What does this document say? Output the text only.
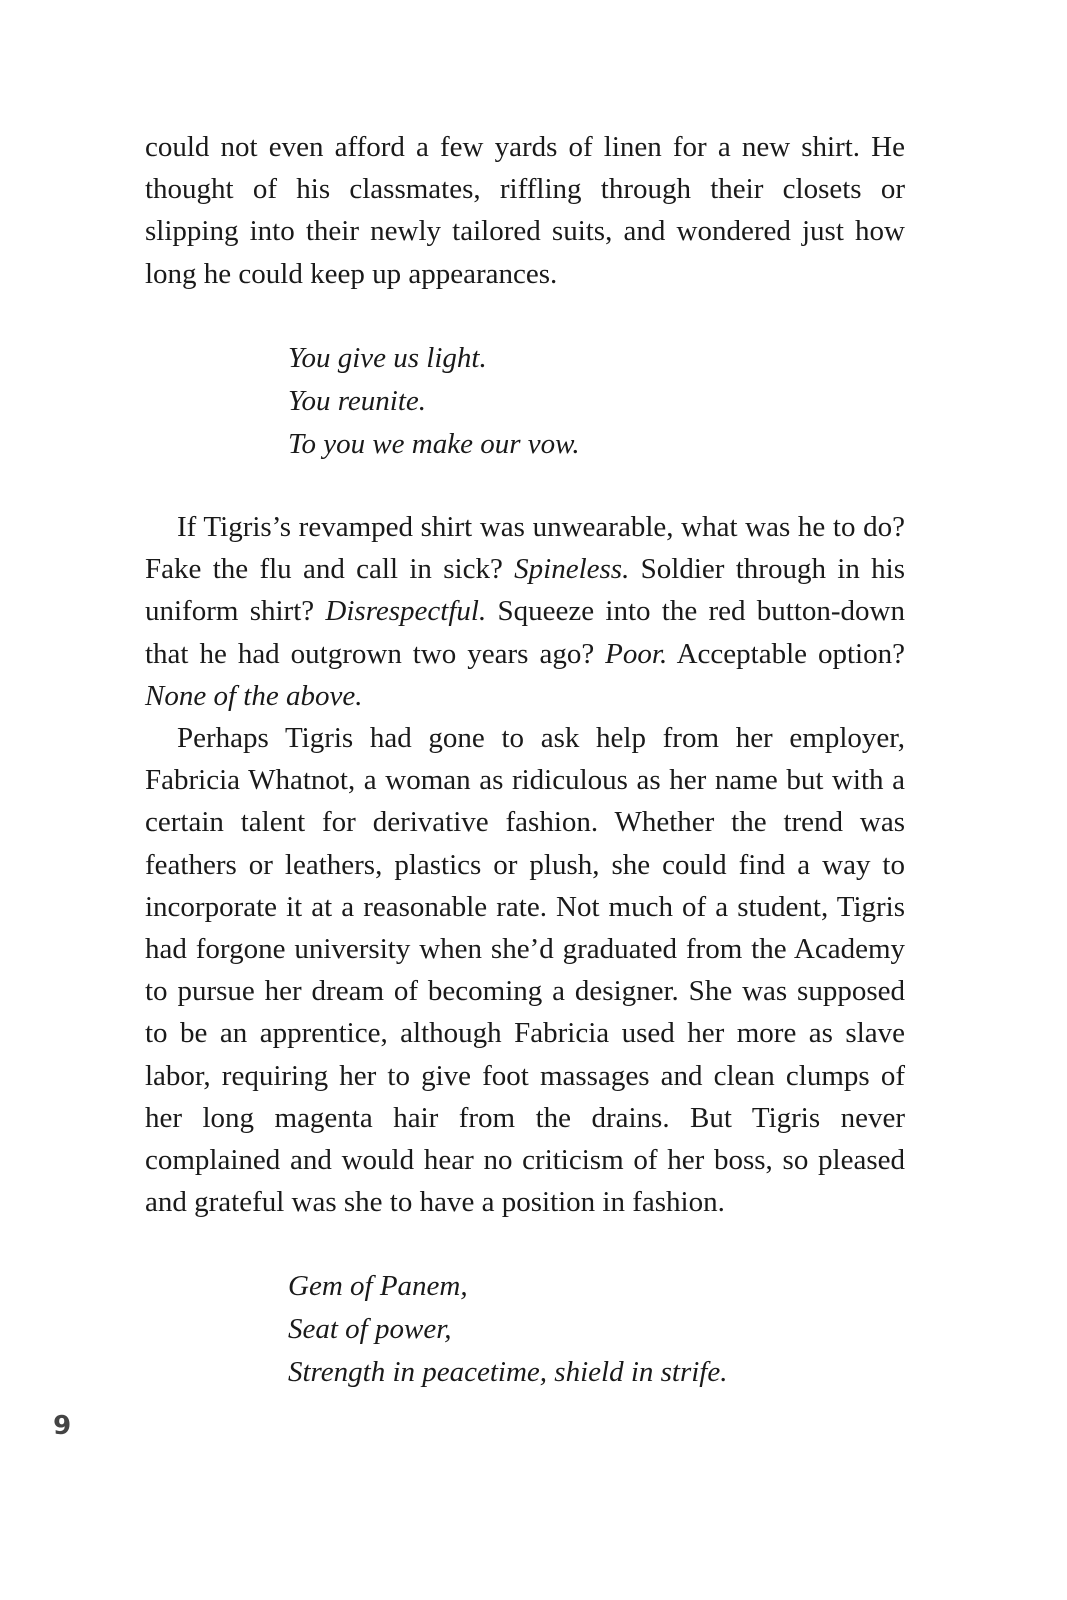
could not even afford a few yards of linen for a new shirt. He thought of his classmates, riffling through their closets or slipping into their newly tailored suits, and wondered just how long he could keep up appearances.

You give us light.
You reunite.
To you we make our vow.

If Tigris’s revamped shirt was unwearable, what was he to do? Fake the flu and call in sick? Spineless. Soldier through in his uniform shirt? Disrespectful. Squeeze into the red button-down that he had outgrown two years ago? Poor. Acceptable option? None of the above.

Perhaps Tigris had gone to ask help from her employer, Fabricia Whatnot, a woman as ridiculous as her name but with a certain talent for derivative fashion. Whether the trend was feathers or leathers, plastics or plush, she could find a way to incorporate it at a reasonable rate. Not much of a student, Tigris had forgone university when she’d graduated from the Academy to pursue her dream of becoming a designer. She was supposed to be an apprentice, although Fabricia used her more as slave labor, requiring her to give foot massages and clean clumps of her long magenta hair from the drains. But Tigris never complained and would hear no criticism of her boss, so pleased and grateful was she to have a position in fashion.

Gem of Panem,
Seat of power,
Strength in peacetime, shield in strife.
6
